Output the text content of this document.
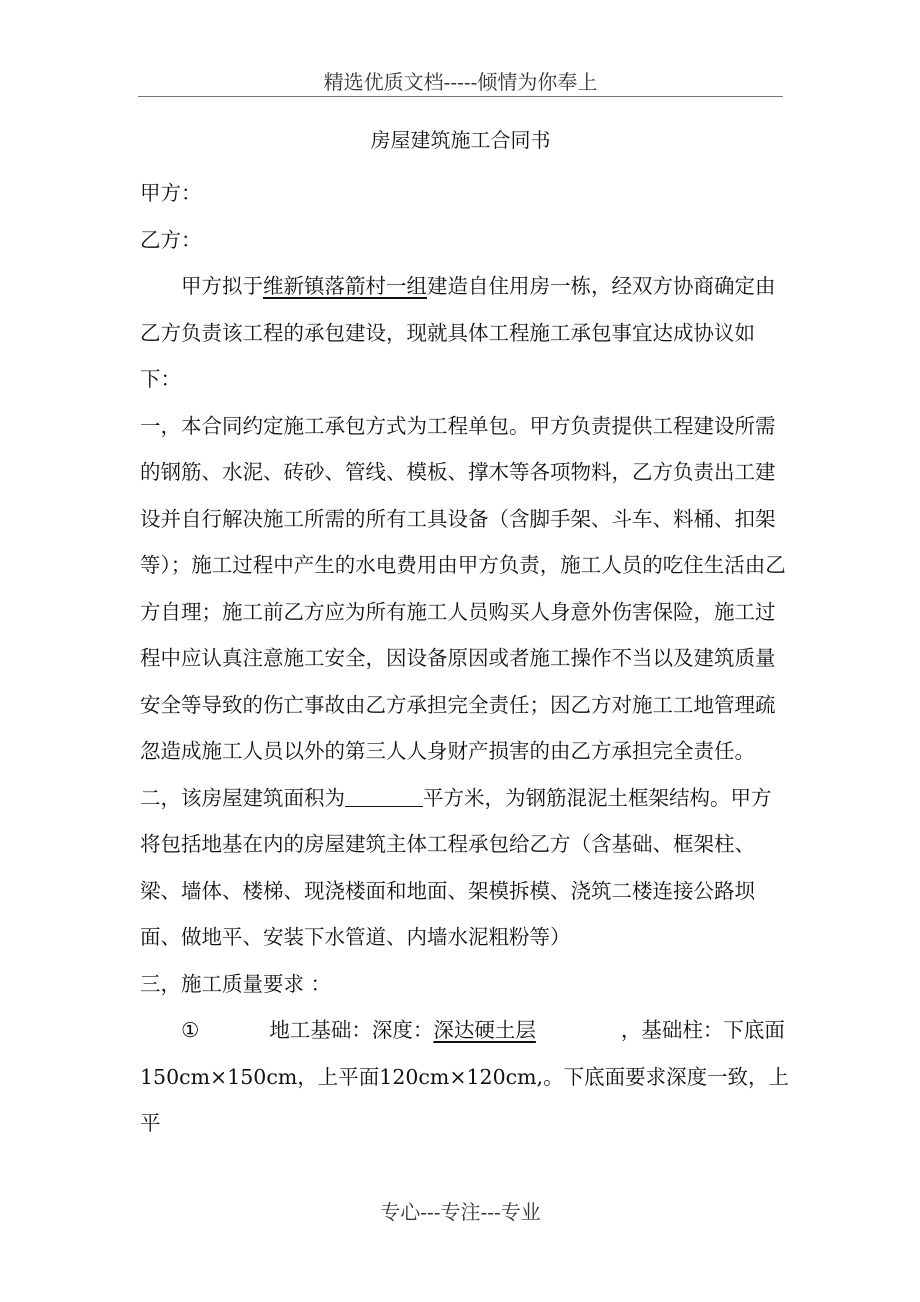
精选优质文档-----倾情为你奉上
房屋建筑施工合同书

甲方：

乙方：

甲方拟于维新镇落箭村一组建造自住用房一栋，经双方协商确定由乙方负责该工程的承包建设，现就具体工程施工承包事宜达成协议如下：

一，本合同约定施工承包方式为工程单包。甲方负责提供工程建设所需的钢筋、水泥、砖砂、管线、模板、撑木等各项物料，乙方负责出工建设并自行解决施工所需的所有工具设备（含脚手架、斗车、料桶、扣架等）；施工过程中产生的水电费用由甲方负责，施工人员的吃住生活由乙方自理；施工前乙方应为所有施工人员购买人身意外伤害保险，施工过程中应认真注意施工安全，因设备原因或者施工操作不当以及建筑质量安全等导致的伤亡事故由乙方承担完全责任；因乙方对施工工地管理疏忽造成施工人员以外的第三人人身财产损害的由乙方承担完全责任。

二，该房屋建筑面积为	平方米，为钢筋混泥土框架结构。甲方将包括地基在内的房屋建筑主体工程承包给乙方（含基础、框架柱、梁、墙体、楼梯、现浇楼面和地面、架模拆模、浇筑二楼连接公路坝面、做地平、安装下水管道、内墙水泥粗粉等）

三，施工质量要求 ：

①	地工基础：深度：深达硬土层	，基础柱：下底面150cm×150cm，上平面120cm×120cm,。下底面要求深度一致，上平

专心---专注---专业
